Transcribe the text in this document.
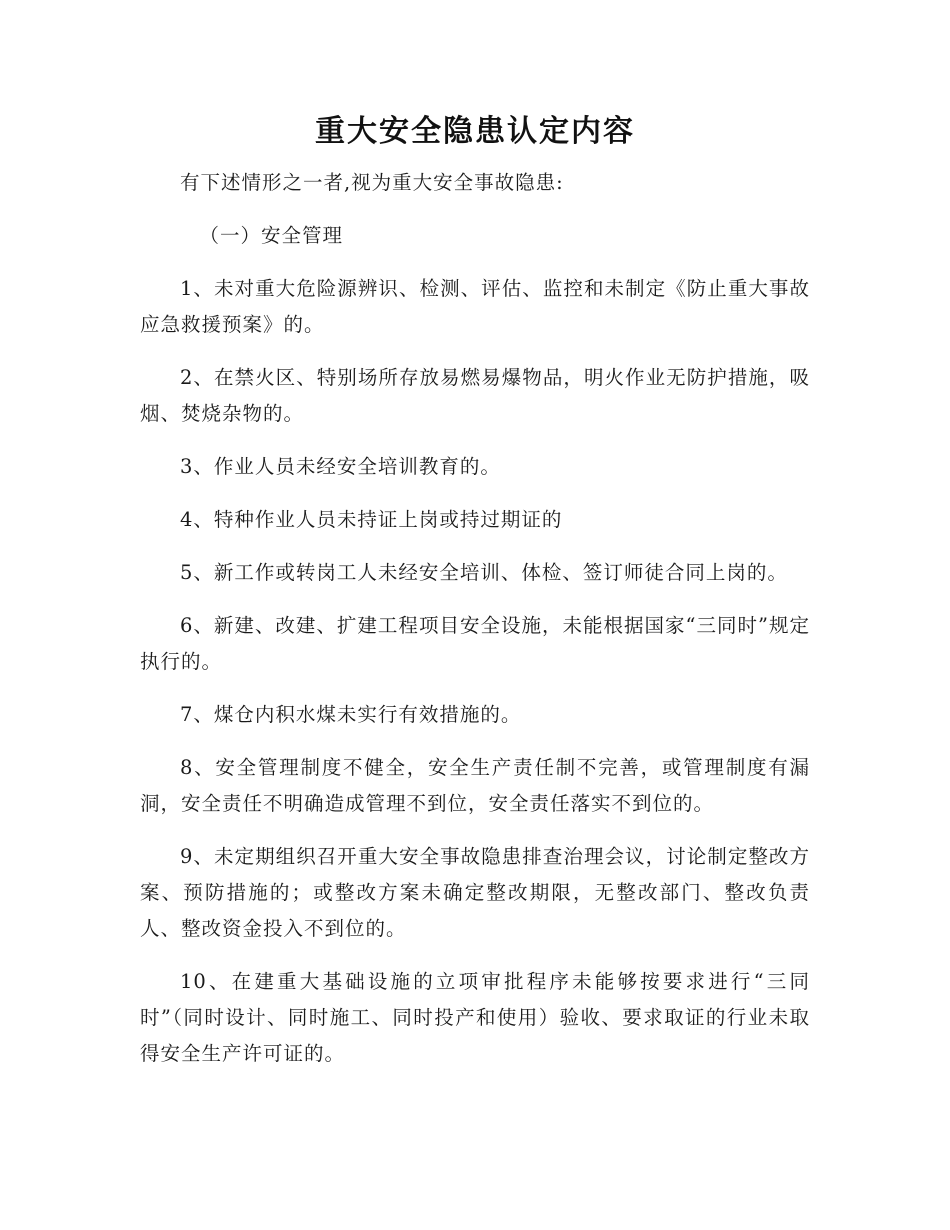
重大安全隐患认定内容

有下述情形之一者,视为重大安全事故隐患:

（一）安全管理

1、未对重大危险源辨识、检测、评估、监控和未制定《防止重大事故应急救援预案》的。

2、在禁火区、特别场所存放易燃易爆物品，明火作业无防护措施，吸烟、焚烧杂物的。

3、作业人员未经安全培训教育的。

4、特种作业人员未持证上岗或持过期证的

5、新工作或转岗工人未经安全培训、体检、签订师徒合同上岗的。

6、新建、改建、扩建工程项目安全设施，未能根据国家“三同时”规定执行的。

7、煤仓内积水煤未实行有效措施的。

8、安全管理制度不健全，安全生产责任制不完善，或管理制度有漏洞，安全责任不明确造成管理不到位，安全责任落实不到位的。

9、未定期组织召开重大安全事故隐患排查治理会议，讨论制定整改方案、预防措施的；或整改方案未确定整改期限，无整改部门、整改负责人、整改资金投入不到位的。

10、在建重大基础设施的立项审批程序未能够按要求进行“三同时”（同时设计、同时施工、同时投产和使用）验收、要求取证的行业未取得安全生产许可证的。
